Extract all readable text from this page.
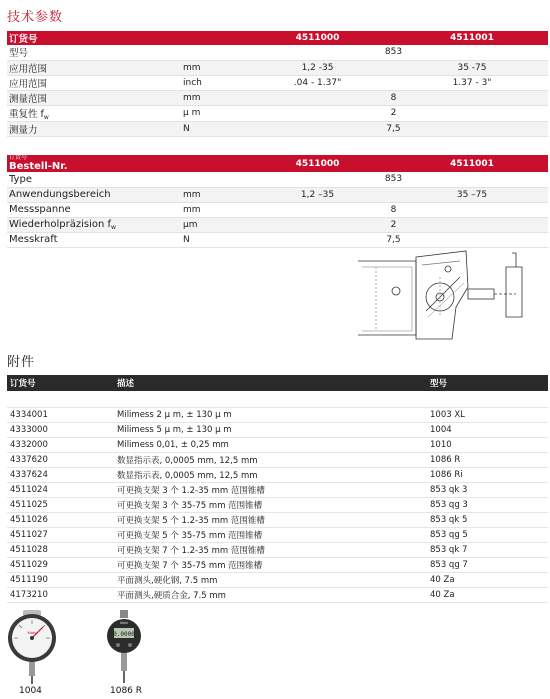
技术参数
订货号		4511000	4511001
型号		853	
应用范围	mm	1,2 -35	35 -75
应用范围	inch	.04 - 1.37"	1.37 - 3"
测量范围	mm	8	
重复性 $f_w$	µ m	2	
测量力	N	7,5	
订货号
Bestell-Nr.		4511000	4511001
Type		853	
Anwendungsbereich	mm	1,2 –35	35 –75
Messspanne	mm	8	
Wiederholpräzision $f_w$	µm	2	
Messkraft	N	7,5	
附件
订货号	描述	型号

4334001	Milimess 2 µ m, ± 130 µ m	1003 XL
4333000	Milimess 5 µ m, ± 130 µ m	1004
4332000	Milimess 0,01, ± 0,25 mm	1010
4337620	数显指示表, 0,0005 mm, 12,5 mm	1086 R
4337624	数显指示表, 0,0005 mm, 12,5 mm	1086 Ri
4511024	可更换支架 3 个 1.2-35 mm 范围锥槽	853 qk 3
4511025	可更换支架 3 个 35-75 mm 范围锥槽	853 qg 3
4511026	可更换支架 5 个 1.2-35 mm 范围锥槽	853 qk 5
4511027	可更换支架 5 个 35-75 mm 范围锥槽	853 qg 5
4511028	可更换支架 7 个 1.2-35 mm 范围锥槽	853 qk 7
4511029	可更换支架 7 个 35-75 mm 范围锥槽	853 qg 7
4511190	平面测头,硬化钢, 7.5 mm	40 Za
4173210	平面测头,硬质合金, 7.5 mm	40 Za
Mahr
1004
0.0000
Mahr
1086 R
